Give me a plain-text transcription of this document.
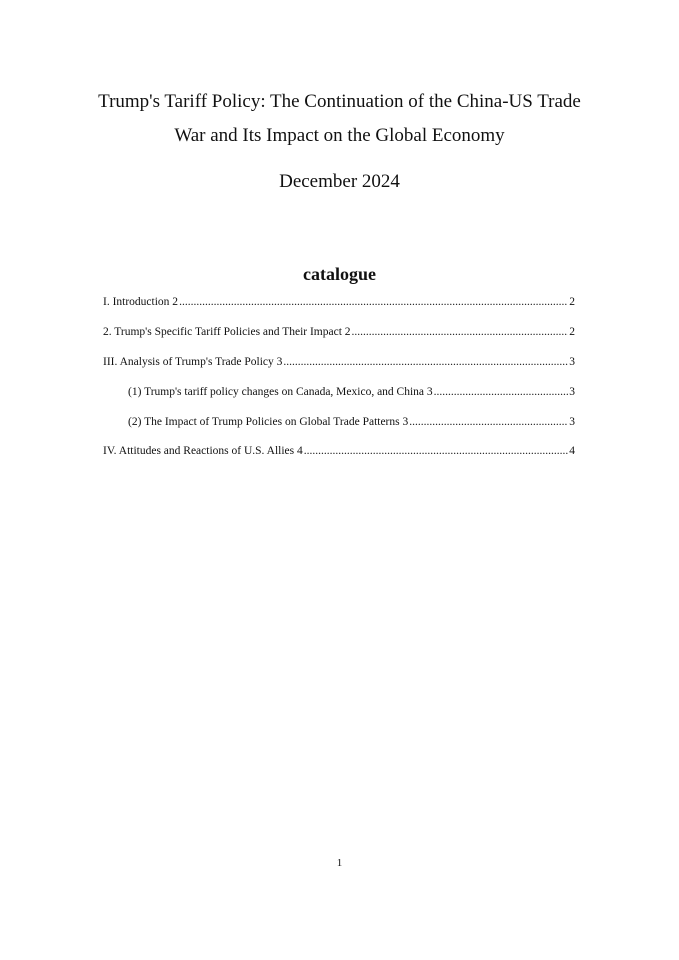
Trump's Tariff Policy: The Continuation of the China-US Trade
War and Its Impact on the Global Economy
December 2024
catalogue
I. Introduction 2 .....	2
2. Trump's Specific Tariff Policies and Their Impact 2 .....	2
III. Analysis of Trump's Trade Policy 3 .....	3
(1) Trump's tariff policy changes on Canada, Mexico, and China 3 .....	3
(2) The Impact of Trump Policies on Global Trade Patterns 3 .....	3
IV. Attitudes and Reactions of U.S. Allies 4 .....	4
1
